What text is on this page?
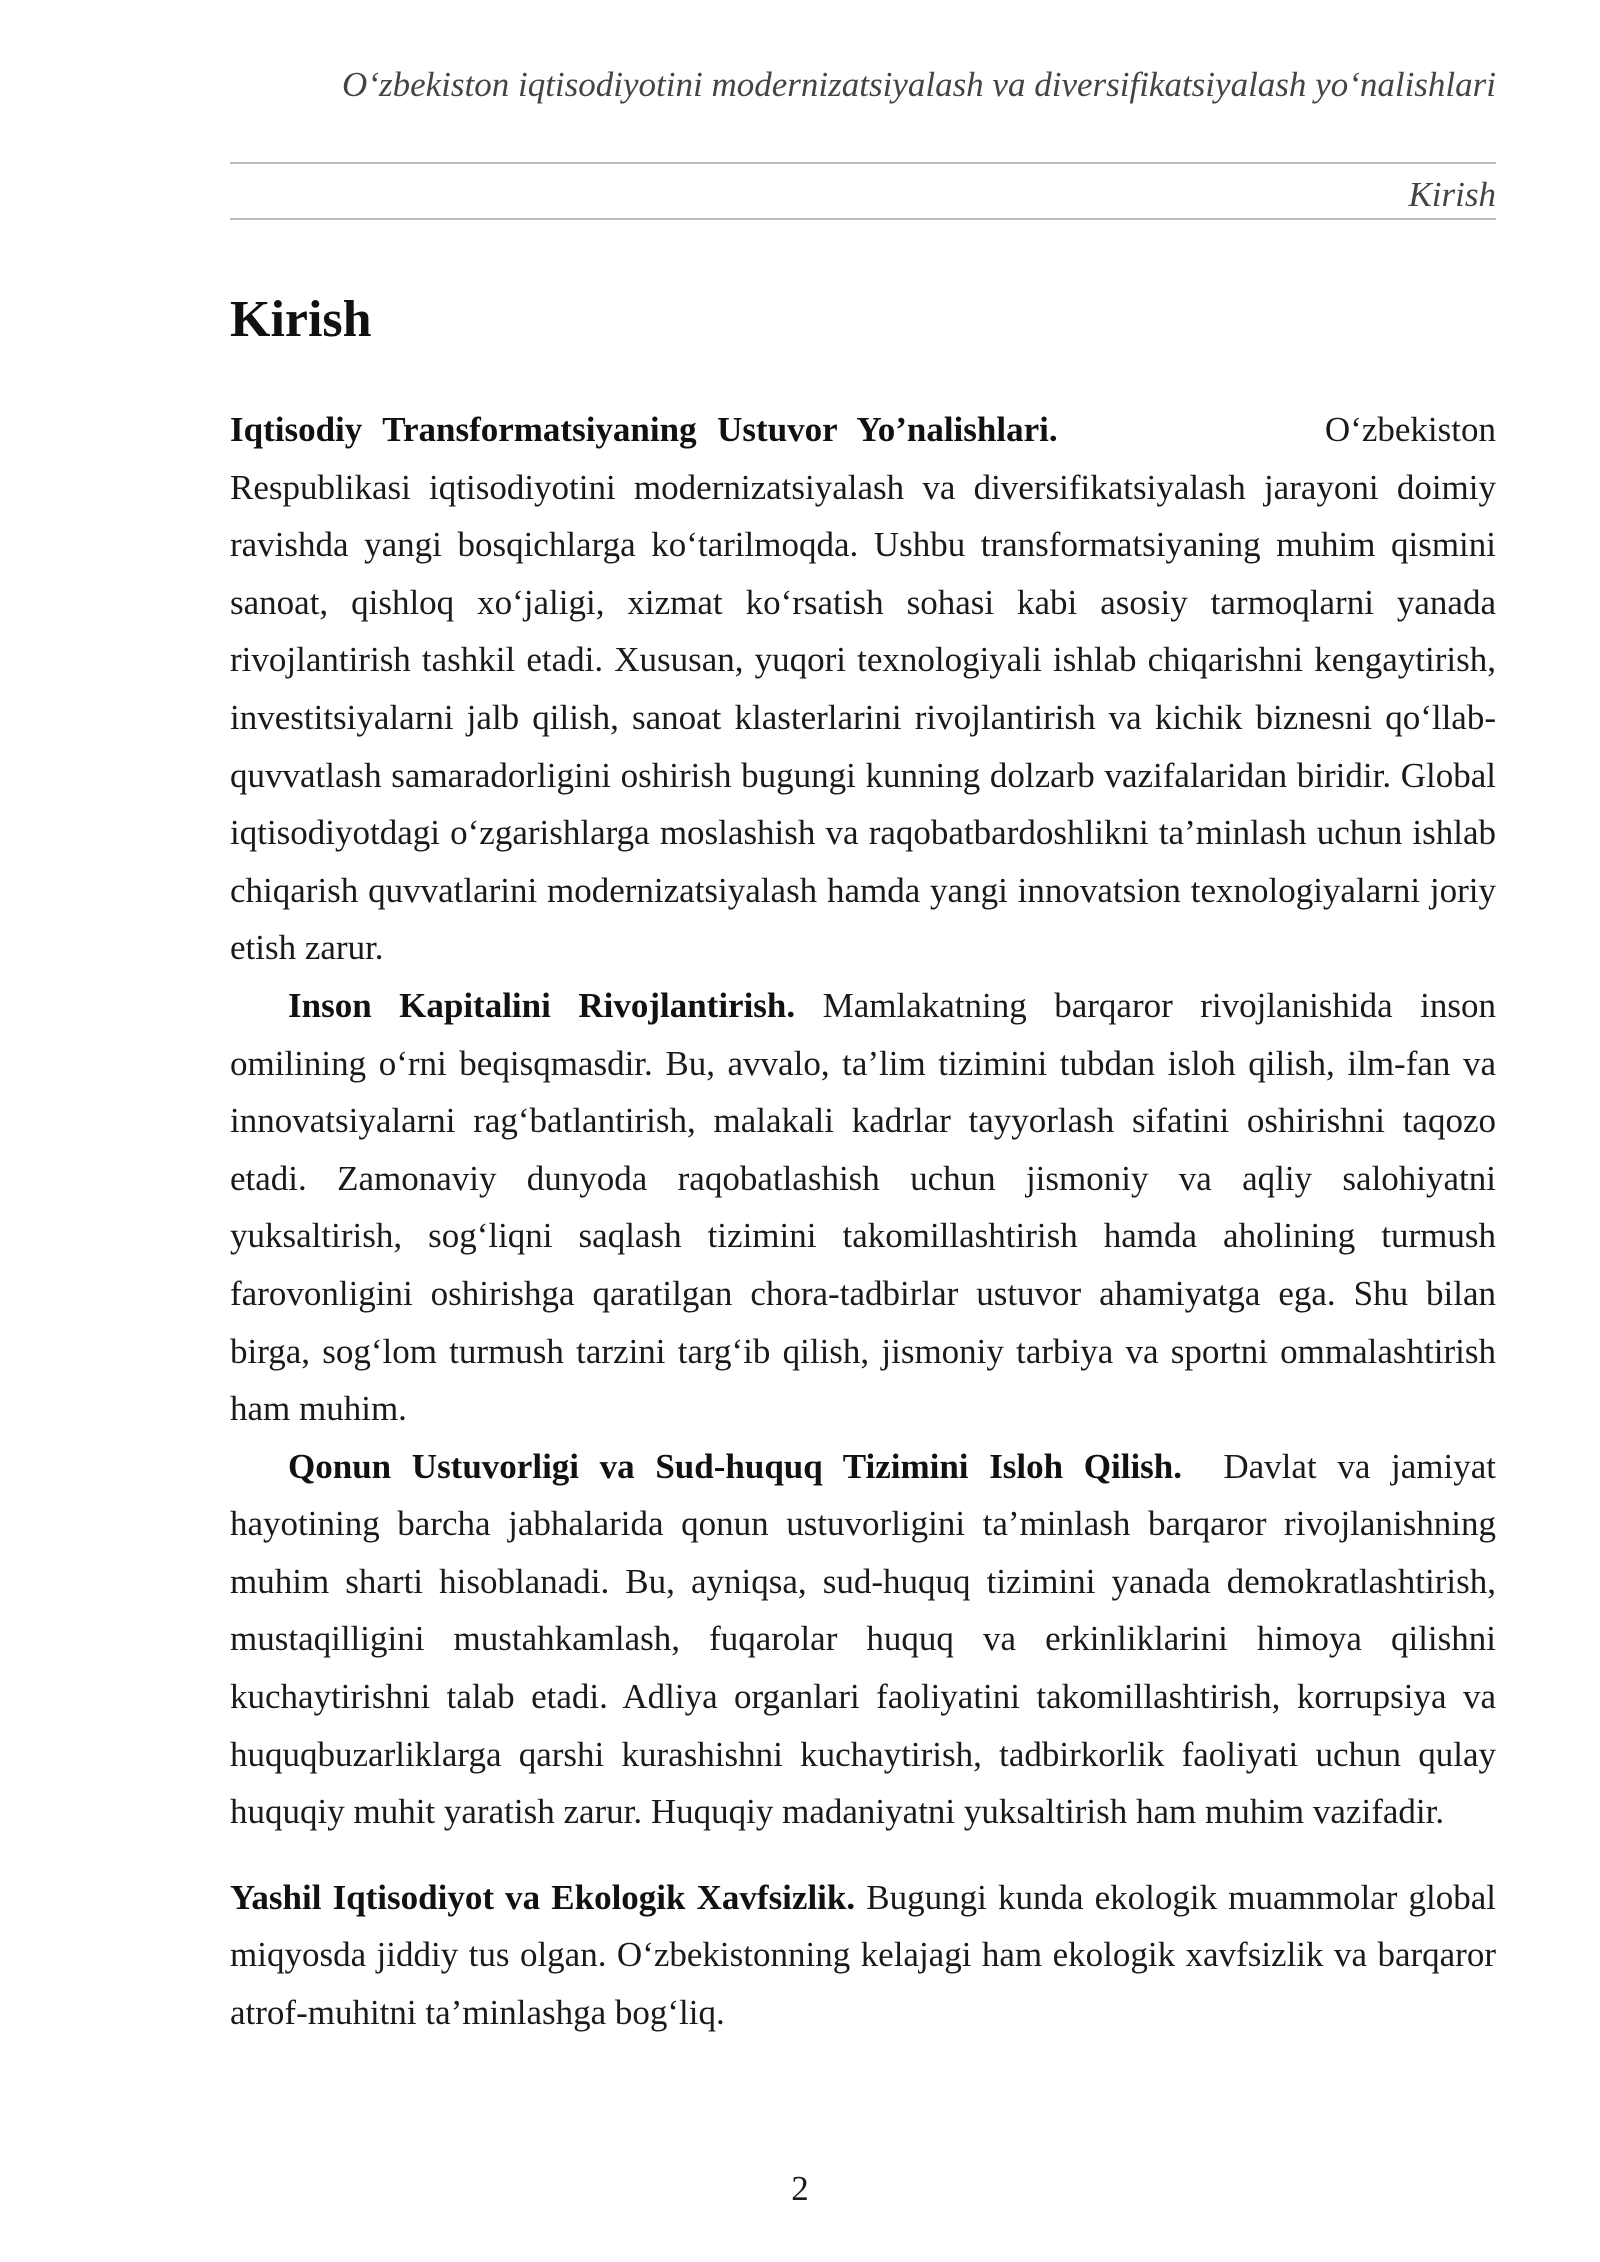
O‘zbekiston iqtisodiyotini modernizatsiyalash va diversifikatsiyalash yo‘nalishlari
Kirish
Kirish

Iqtisodiy Transformatsiyaning Ustuvor Yo’nalishlari.	O‘zbekiston Respublikasi iqtisodiyotini modernizatsiyalash va diversifikatsiyalash jarayoni doimiy ravishda yangi bosqichlarga ko‘tarilmoqda. Ushbu transformatsiyaning muhim qismini sanoat, qishloq xo‘jaligi, xizmat ko‘rsatish sohasi kabi asosiy tarmoqlarni yanada rivojlantirish tashkil etadi. Xususan, yuqori texnologiyali ishlab chiqarishni kengaytirish, investitsiyalarni jalb qilish, sanoat klasterlarini rivojlantirish va kichik biznesni qo‘llab-quvvatlash samaradorligini oshirish bugungi kunning dolzarb vazifalaridan biridir. Global iqtisodiyotdagi o‘zgarishlarga moslashish va raqobatbardoshlikni ta’minlash uchun ishlab chiqarish quvvatlarini modernizatsiyalash hamda yangi innovatsion texnologiyalarni joriy etish zarur.

Inson Kapitalini Rivojlantirish. Mamlakatning barqaror rivojlanishida inson omilining o‘rni beqisqmasdir. Bu, avvalo, ta’lim tizimini tubdan isloh qilish, ilm-fan va innovatsiyalarni rag‘batlantirish, malakali kadrlar tayyorlash sifatini oshirishni taqozo etadi. Zamonaviy dunyoda raqobatlashish uchun jismoniy va aqliy salohiyatni yuksaltirish, sog‘liqni saqlash tizimini takomillashtirish hamda aholining turmush farovonligini oshirishga qaratilgan chora-tadbirlar ustuvor ahamiyatga ega. Shu bilan birga, sog‘lom turmush tarzini targ‘ib qilish, jismoniy tarbiya va sportni ommalashtirish ham muhim.

Qonun Ustuvorligi va Sud-huquq Tizimini Isloh Qilish. Davlat va jamiyat hayotining barcha jabhalarida qonun ustuvorligini ta’minlash barqaror rivojlanishning muhim sharti hisoblanadi. Bu, ayniqsa, sud-huquq tizimini yanada demokratlashtirish, mustaqilligini mustahkamlash, fuqarolar huquq va erkinliklarini himoya qilishni kuchaytirishni talab etadi. Adliya organlari faoliyatini takomillashtirish, korrupsiya va huquqbuzarliklarga qarshi kurashishni kuchaytirish, tadbirkorlik faoliyati uchun qulay huquqiy muhit yaratish zarur. Huquqiy madaniyatni yuksaltirish ham muhim vazifadir.

Yashil Iqtisodiyot va Ekologik Xavfsizlik. Bugungi kunda ekologik muammolar global miqyosda jiddiy tus olgan. O‘zbekistonning kelajagi ham ekologik xavfsizlik va barqaror atrof-muhitni ta’minlashga bog‘liq.

2
